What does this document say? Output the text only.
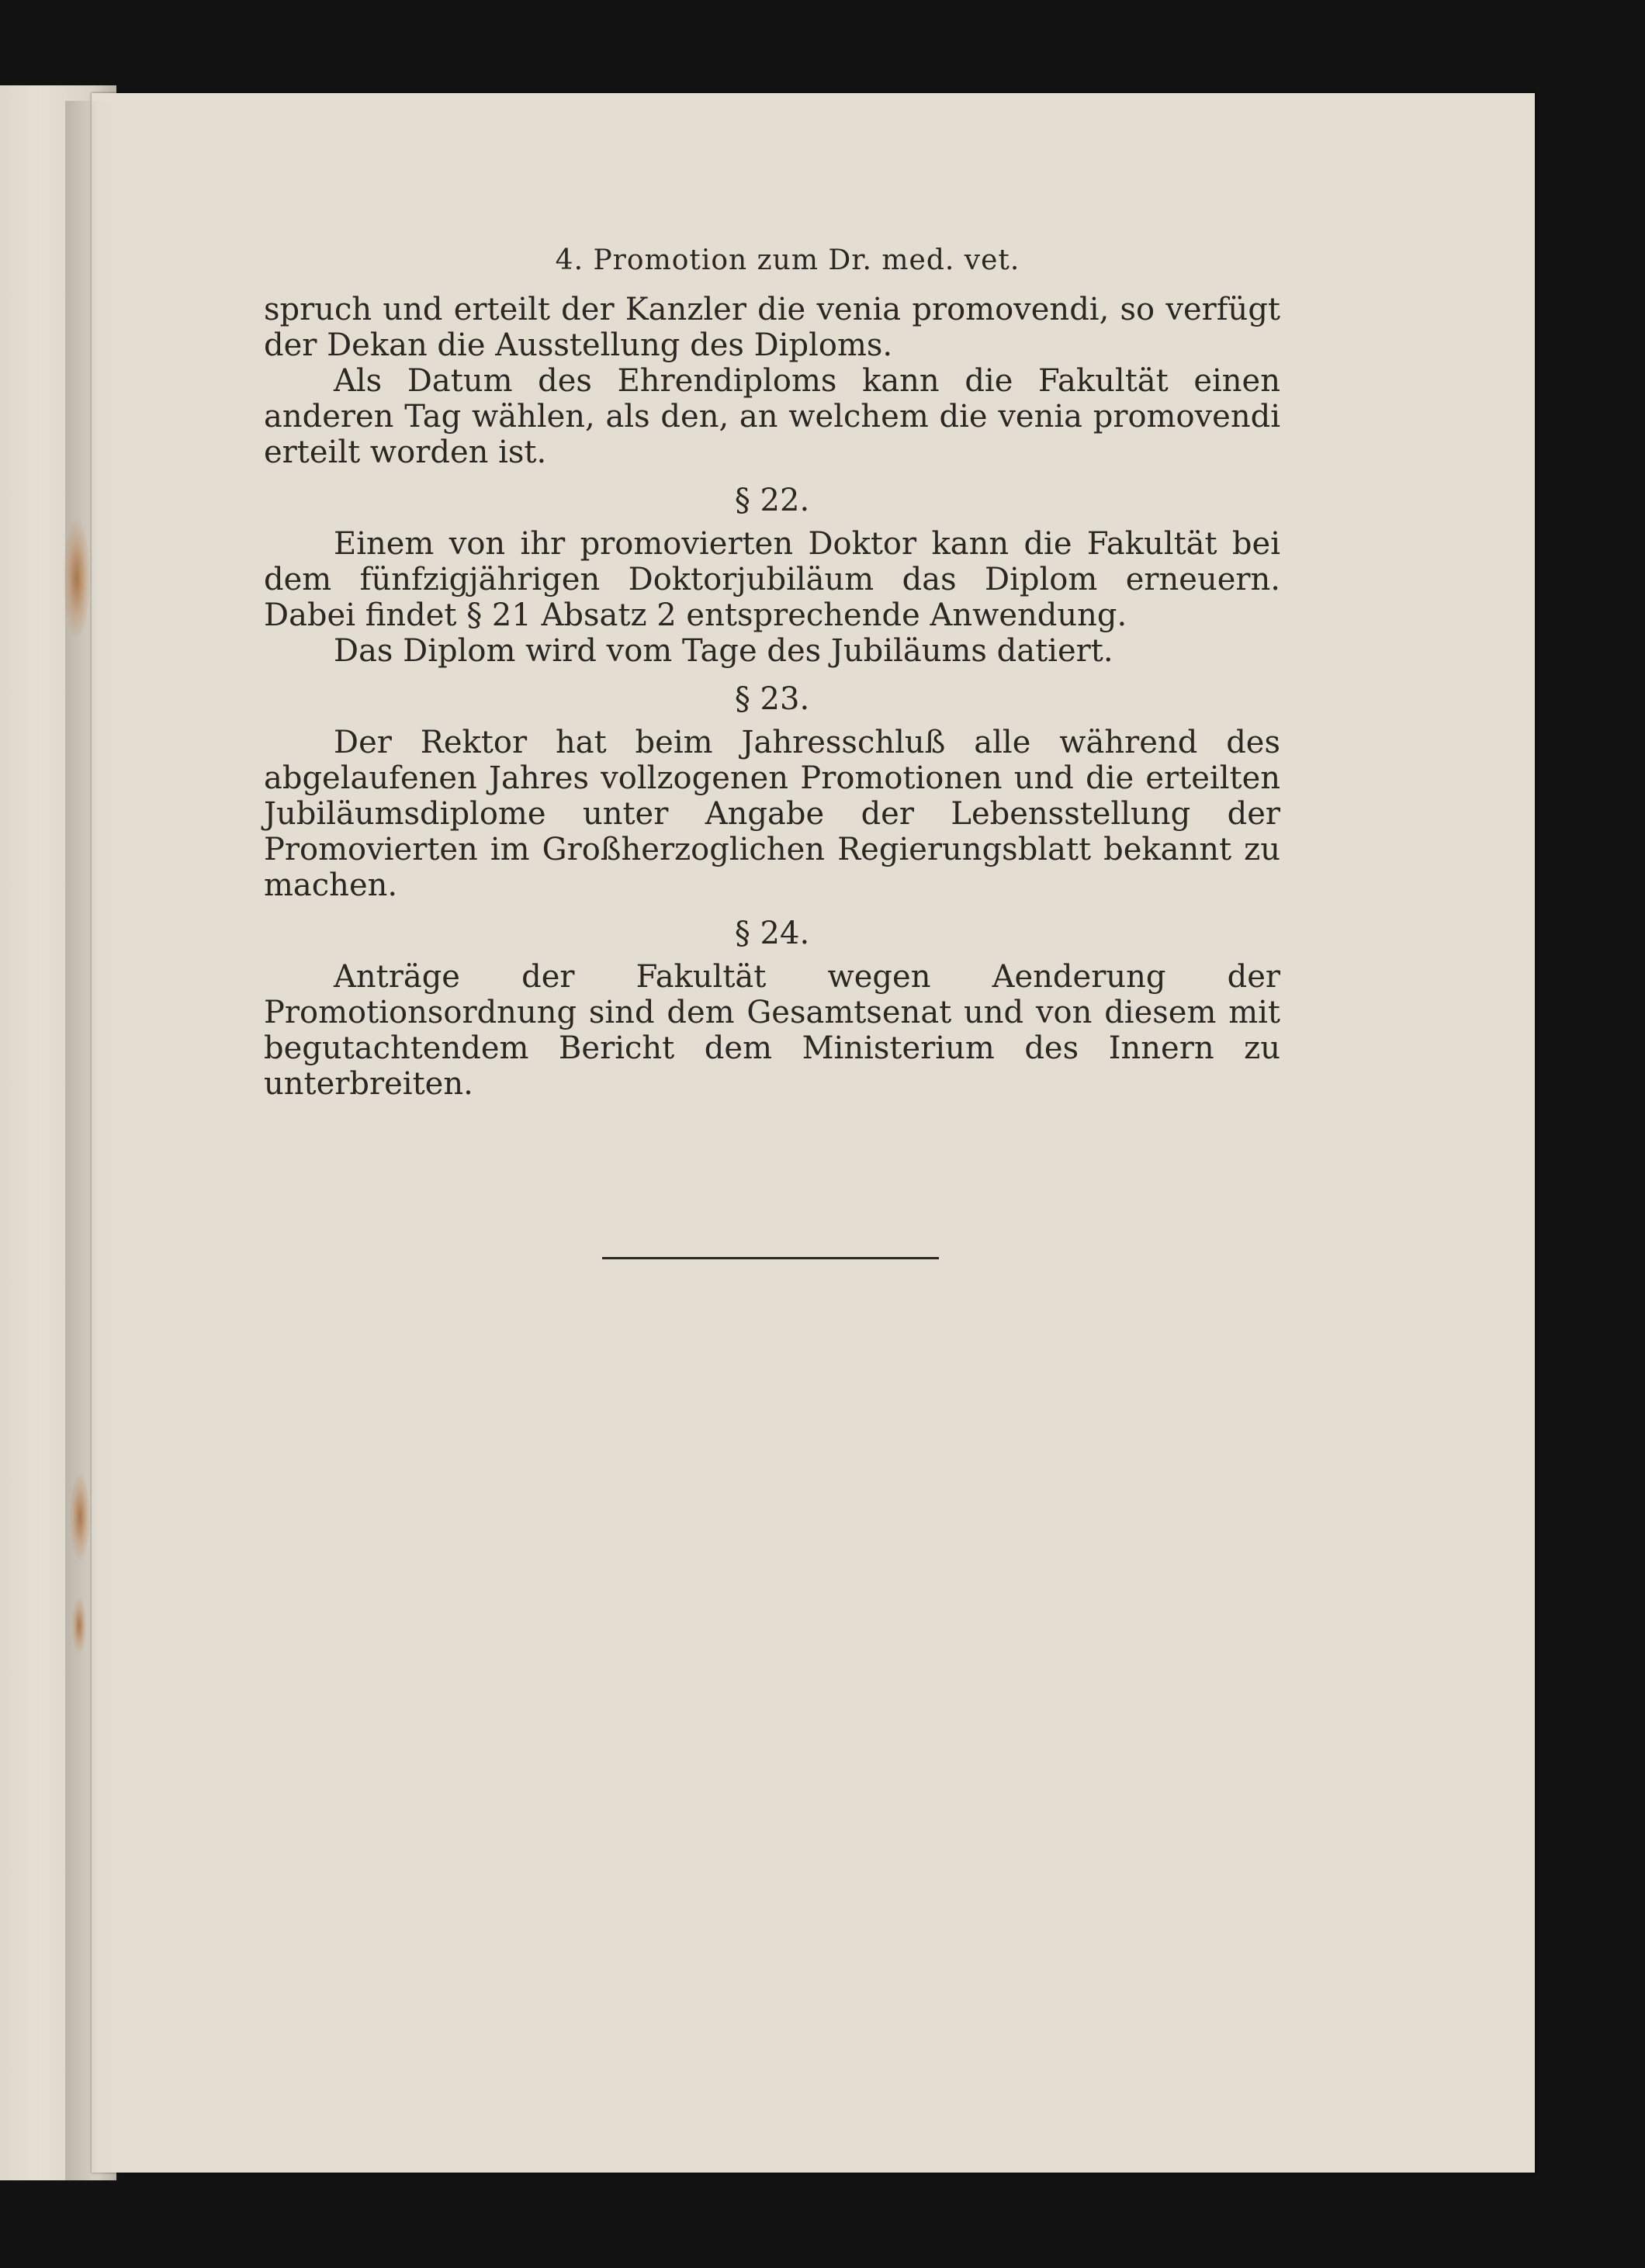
4. Promotion zum Dr. med. vet.

spruch und erteilt der Kanzler die venia promovendi, so verfügt der Dekan die Ausstellung des Diploms.

Als Datum des Ehrendiploms kann die Fakultät einen anderen Tag wählen, als den, an welchem die venia promovendi erteilt worden ist.

§ 22.

Einem von ihr promovierten Doktor kann die Fakultät bei dem fünfzigjährigen Doktorjubiläum das Diplom erneuern. Dabei findet § 21 Absatz 2 entsprechende Anwendung.

Das Diplom wird vom Tage des Jubiläums datiert.

§ 23.

Der Rektor hat beim Jahresschluß alle während des abgelaufenen Jahres vollzogenen Promotionen und die erteilten Jubiläumsdiplome unter Angabe der Lebensstellung der Promovierten im Großherzoglichen Regierungsblatt bekannt zu machen.

§ 24.

Anträge der Fakultät wegen Aenderung der Promotionsordnung sind dem Gesamtsenat und von diesem mit begutachtendem Bericht dem Ministerium des Innern zu unterbreiten.
